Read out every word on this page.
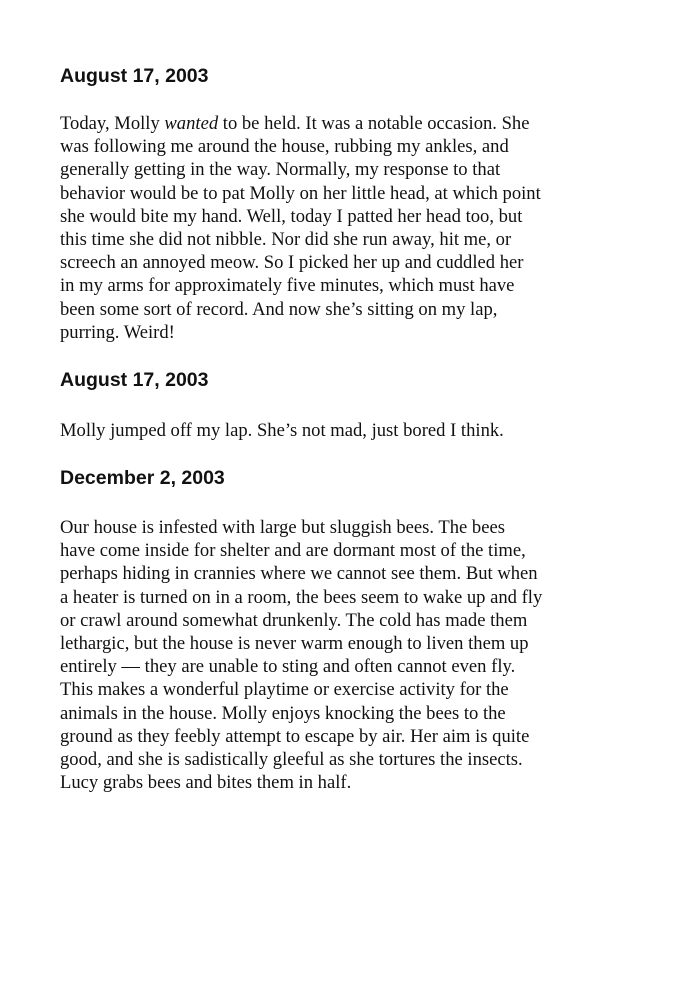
August 17, 2003

Today, Molly wanted to be held. It was a notable occasion. She
was following me around the house, rubbing my ankles, and
generally getting in the way. Normally, my response to that
behavior would be to pat Molly on her little head, at which point
she would bite my hand. Well, today I patted her head too, but
this time she did not nibble. Nor did she run away, hit me, or
screech an annoyed meow. So I picked her up and cuddled her
in my arms for approximately five minutes, which must have
been some sort of record. And now she’s sitting on my lap,
purring. Weird!

August 17, 2003

Molly jumped off my lap. She’s not mad, just bored I think.

December 2, 2003

Our house is infested with large but sluggish bees. The bees
have come inside for shelter and are dormant most of the time,
perhaps hiding in crannies where we cannot see them. But when
a heater is turned on in a room, the bees seem to wake up and fly
or crawl around somewhat drunkenly. The cold has made them
lethargic, but the house is never warm enough to liven them up
entirely — they are unable to sting and often cannot even fly.
This makes a wonderful playtime or exercise activity for the
animals in the house. Molly enjoys knocking the bees to the
ground as they feebly attempt to escape by air. Her aim is quite
good, and she is sadistically gleeful as she tortures the insects.
Lucy grabs bees and bites them in half.
